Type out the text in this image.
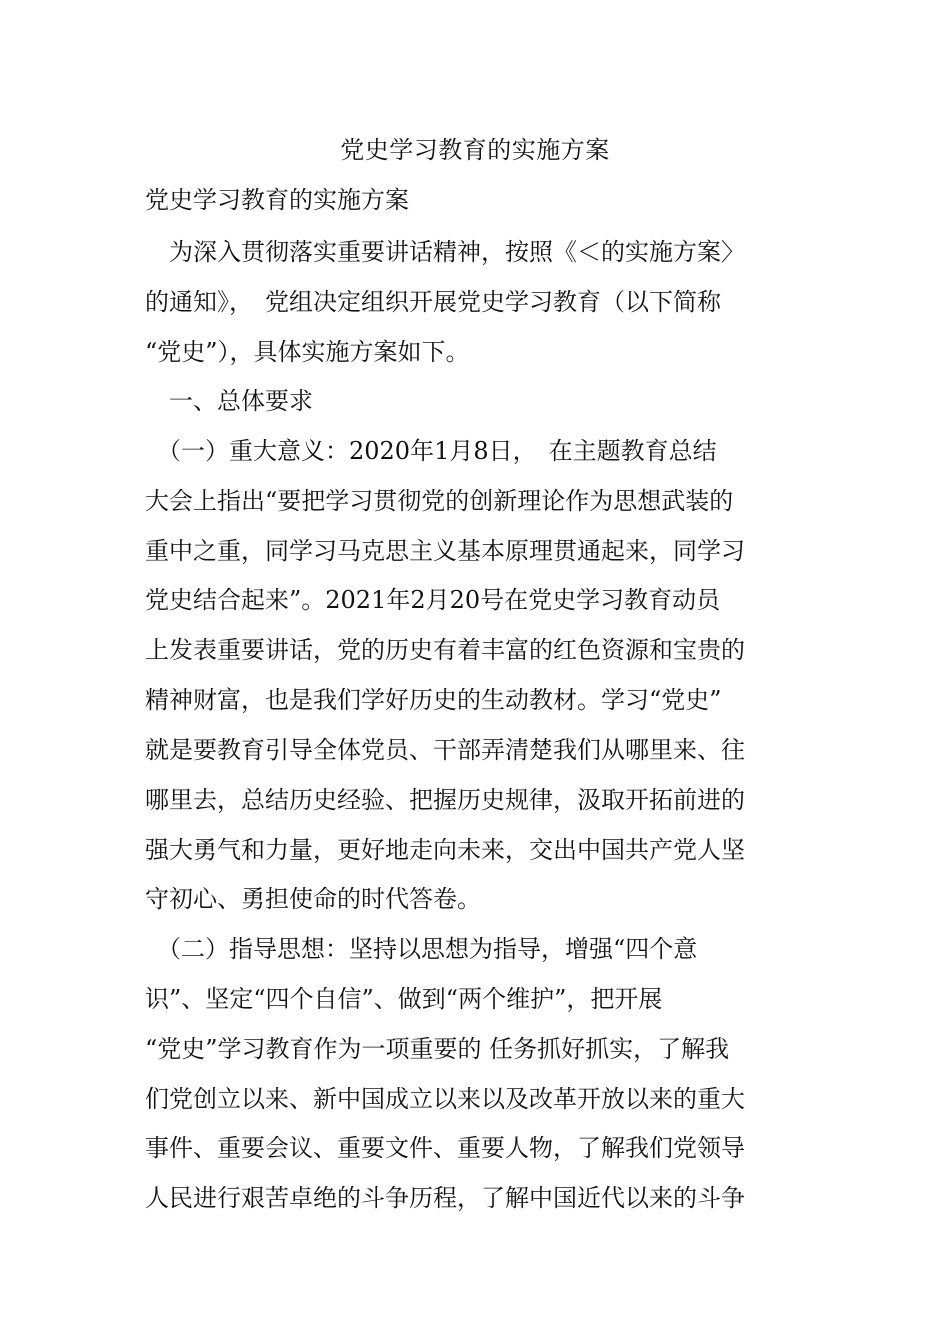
党史学习教育的实施方案
党史学习教育的实施方案
　为深入贯彻落实重要讲话精神，按照《＜的实施方案〉
的通知》，　党组决定组织开展党史学习教育（以下简称
“党史”），具体实施方案如下。
　一、总体要求
　（一）重大意义：2020年1月8日，　在主题教育总结
大会上指出“要把学习贯彻党的创新理论作为思想武装的
重中之重，同学习马克思主义基本原理贯通起来，同学习
党史结合起来”。2021年2月20号在党史学习教育动员
上发表重要讲话，党的历史有着丰富的红色资源和宝贵的
精神财富，也是我们学好历史的生动教材。学习“党史”
就是要教育引导全体党员、干部弄清楚我们从哪里来、往
哪里去，总结历史经验、把握历史规律，汲取开拓前进的
强大勇气和力量，更好地走向未来，交出中国共产党人坚
守初心、勇担使命的时代答卷。
　（二）指导思想：坚持以思想为指导，增强“四个意
识”、坚定“四个自信”、做到“两个维护”，把开展
“党史”学习教育作为一项重要的 任务抓好抓实，了解我
们党创立以来、新中国成立以来以及改革开放以来的重大
事件、重要会议、重要文件、重要人物，了解我们党领导
人民进行艰苦卓绝的斗争历程，了解中国近代以来的斗争
